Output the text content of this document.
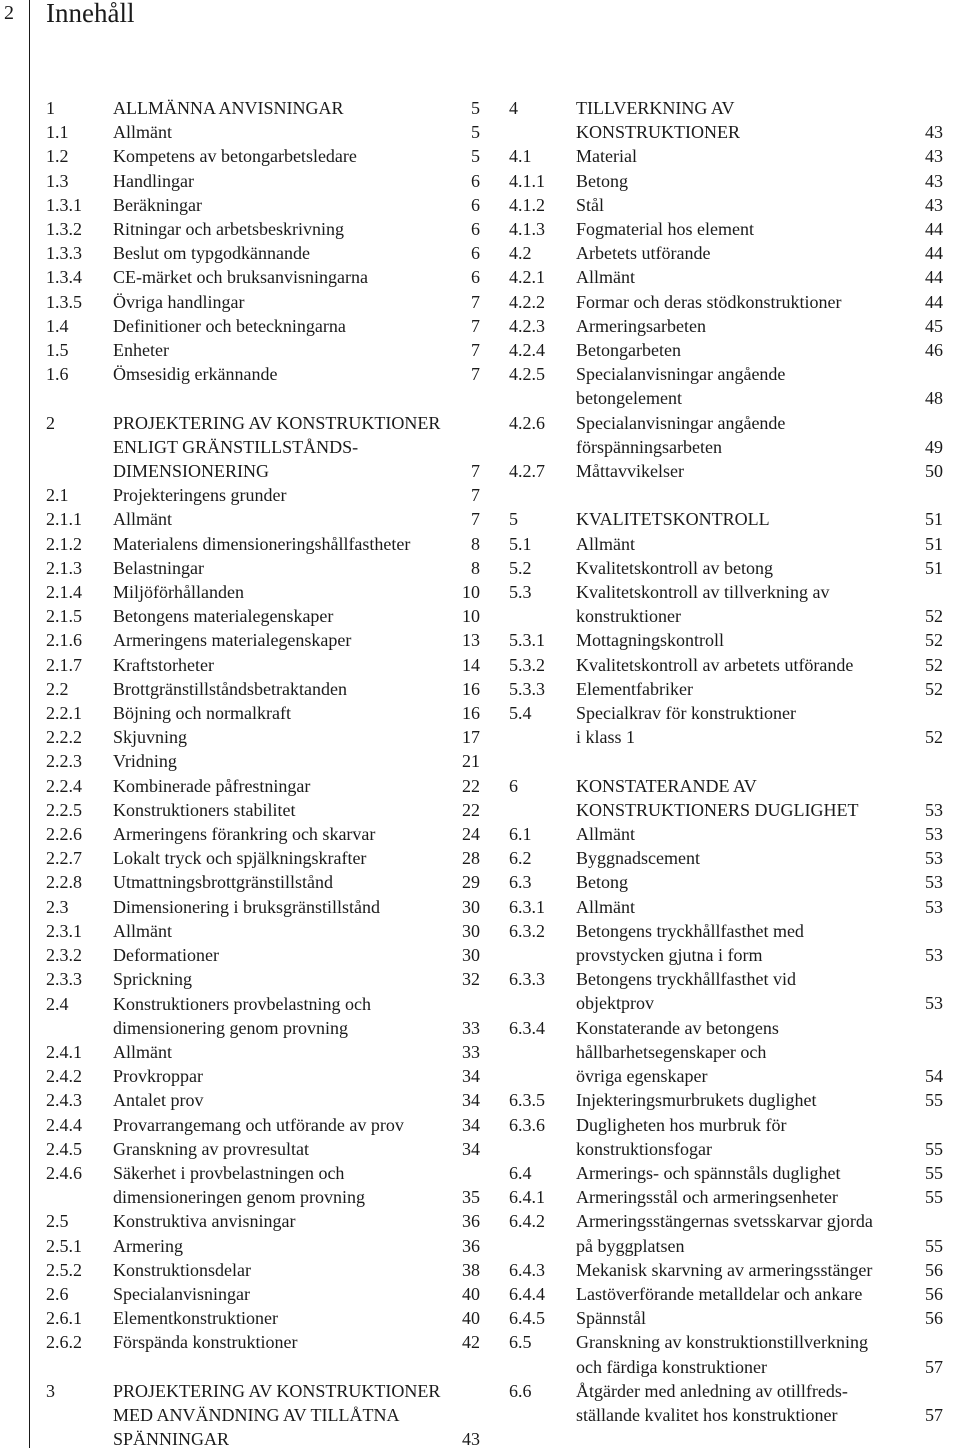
2 Innehåll
1	ALLMÄNNA ANVISNINGAR	5
1.1 Allmänt	5
1.2 Kompetens av betongarbetsledare	5
1.3 Handlingar	6
1.3.1 Beräkningar	6
1.3.2 Ritningar och arbetsbeskrivning	6
1.3.3 Beslut om typgodkännande	6
1.3.4 CE-märket och bruksanvisningarna	6
1.3.5 Övriga handlingar	7
1.4 Definitioner och beteckningarna	7
1.5 Enheter	7
1.6 Ömsesidig erkännande	7
2	PROJEKTERING AV KONSTRUKTIONER
ENLIGT GRÄNSTILLSTÅNDS-
DIMENSIONERING	7
2.1 Projekteringens grunder	7
2.1.1 Allmänt	7
2.1.2 Materialens dimensioneringshållfastheter	8
2.1.3 Belastningar	8
2.1.4 Miljöförhållanden	10
2.1.5 Betongens materialegenskaper	10
2.1.6 Armeringens materialegenskaper	13
2.1.7 Kraftstorheter	14
2.2 Brottgränstillståndsbetraktanden	16
2.2.1 Böjning och normalkraft	16
2.2.2 Skjuvning	17
2.2.3 Vridning	21
2.2.4 Kombinerade påfrestningar	22
2.2.5 Konstruktioners stabilitet	22
2.2.6 Armeringens förankring och skarvar	24
2.2.7 Lokalt tryck och spjälkningskrafter	28
2.2.8 Utmattningsbrottgränstillstånd	29
2.3 Dimensionering i bruksgränstillstånd	30
2.3.1 Allmänt	30
2.3.2 Deformationer	30
2.3.3 Sprickning	32
2.4 Konstruktioners provbelastning och
dimensionering genom provning	33
2.4.1 Allmänt	33
2.4.2 Provkroppar	34
2.4.3 Antalet prov	34
2.4.4 Provarrangemang och utförande av prov	34
2.4.5 Granskning av provresultat	34
2.4.6 Säkerhet i provbelastningen och
dimensioneringen genom provning	35
2.5 Konstruktiva anvisningar	36
2.5.1 Armering	36
2.5.2 Konstruktionsdelar	38
2.6 Specialanvisningar	40
2.6.1 Elementkonstruktioner	40
2.6.2 Förspända konstruktioner	42
3	PROJEKTERING AV KONSTRUKTIONER
MED ANVÄNDNING AV TILLÅTNA
SPÄNNINGAR	43
4	TILLVERKNING AV
KONSTRUKTIONER	43
4.1 Material	43
4.1.1 Betong	43
4.1.2 Stål	43
4.1.3 Fogmaterial hos element	44
4.2 Arbetets utförande	44
4.2.1 Allmänt	44
4.2.2 Formar och deras stödkonstruktioner	44
4.2.3 Armeringsarbeten	45
4.2.4 Betongarbeten	46
4.2.5 Specialanvisningar angående
betongelement	48
4.2.6 Specialanvisningar angående
förspänningsarbeten	49
4.2.7 Måttavvikelser	50
5	KVALITETSKONTROLL	51
5.1 Allmänt	51
5.2 Kvalitetskontroll av betong	51
5.3 Kvalitetskontroll av tillverkning av
konstruktioner	52
5.3.1 Mottagningskontroll	52
5.3.2 Kvalitetskontroll av arbetets utförande	52
5.3.3 Elementfabriker	52
5.4 Specialkrav för konstruktioner
i klass 1	52
6	KONSTATERANDE AV
KONSTRUKTIONERS DUGLIGHET	53
6.1 Allmänt	53
6.2 Byggnadscement	53
6.3 Betong	53
6.3.1 Allmänt	53
6.3.2 Betongens tryckhållfasthet med
provstycken gjutna i form	53
6.3.3 Betongens tryckhållfasthet vid
objektprov	53
6.3.4 Konstaterande av betongens
hållbarhetsegenskaper och
övriga egenskaper	54
6.3.5 Injekteringsmurbrukets duglighet	55
6.3.6 Dugligheten hos murbruk för
konstruktionsfogar	55
6.4 Armerings- och spännståls duglighet	55
6.4.1 Armeringsstål och armeringsenheter	55
6.4.2 Armeringsstängernas svetsskarvar gjorda
på byggplatsen	55
6.4.3 Mekanisk skarvning av armeringsstänger	56
6.4.4 Lastöverförande metalldelar och ankare	56
6.4.5 Spännstål	56
6.5 Granskning av konstruktionstillverkning
och färdiga konstruktioner	57
6.6 Åtgärder med anledning av otillfreds-
ställande kvalitet hos konstruktioner	57
